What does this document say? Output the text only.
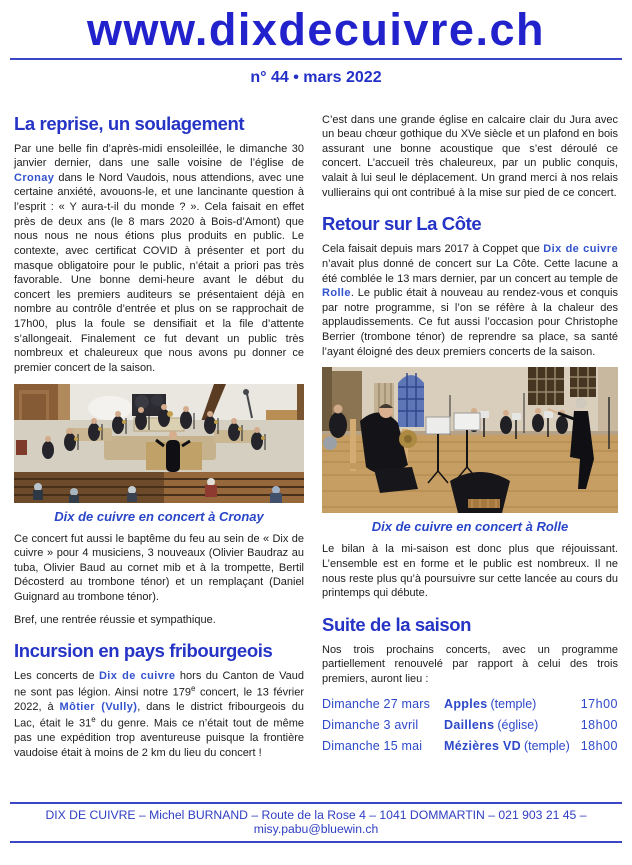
www.dixdecuivre.ch
n° 44 • mars 2022
La reprise, un soulagement

Par une belle fin d’après-midi ensoleillée, le dimanche 30 janvier dernier, dans une salle voisine de l’église de Cronay dans le Nord Vaudois, nous attendions, avec une certaine anxiété, avouons-le, et une lancinante question à l’esprit : « Y aura-t-il du monde ? ». Cela faisait en effet près de deux ans (le 8 mars 2020 à Bois-d’Amont) que nous nous ne nous étions plus produits en public. Le contexte, avec certificat COVID à présenter et port du masque obligatoire pour le public, n’était a priori pas très favorable. Une bonne demi-heure avant le début du concert les premiers auditeurs se présentaient déjà en nombre au contrôle d’entrée et plus on se rapprochait de 17h00, plus la foule se densifiait et la file d’attente s’allongeait. Finalement ce fut devant un public très nombreux et chaleureux que nous avons pu donner ce premier concert de la saison.

Dix de cuivre en concert à Cronay

Ce concert fut aussi le baptême du feu au sein de « Dix de cuivre » pour 4 musiciens, 3 nouveaux (Olivier Baudraz au tuba, Olivier Baud au cornet mib et à la trompette, Bertil Décosterd au trombone ténor) et un remplaçant (Daniel Guignard au trombone ténor).

Bref, une rentrée réussie et sympathique.

Incursion en pays fribourgeois

Les concerts de Dix de cuivre hors du Canton de Vaud ne sont pas légion. Ainsi notre 179e concert, le 13 février 2022, à Môtier (Vully), dans le district fribourgeois du Lac, était le 31e du genre. Mais ce n’était tout de même pas une expédition trop aventureuse puisque la frontière vaudoise était à moins de 2 km du lieu du concert !

C’est dans une grande église en calcaire clair du Jura avec un beau chœur gothique du XVe siècle et un plafond en bois assurant une bonne acoustique que s’est déroulé ce concert. L’accueil très chaleureux, par un public conquis, valait à lui seul le déplacement. Un grand merci à nos relais vullierains qui ont contribué à la mise sur pied de ce concert.

Retour sur La Côte

Cela faisait depuis mars 2017 à Coppet que Dix de cuivre n’avait plus donné de concert sur La Côte. Cette lacune a été comblée le 13 mars dernier, par un concert au temple de Rolle. Le public était à nouveau au rendez-vous et conquis par notre programme, si l’on se réfère à la chaleur des applaudissements. Ce fut aussi l’occasion pour Christophe Berrier (trombone ténor) de reprendre sa place, sa santé l’ayant éloigné des deux premiers concerts de la saison.

Dix de cuivre en concert à Rolle

Le bilan à la mi-saison est donc plus que réjouissant. L’ensemble est en forme et le public est nombreux. Il ne nous reste plus qu’à poursuivre sur cette lancée au cours du printemps qui débute.

Suite de la saison

Nos trois prochains concerts, avec un programme partiellement renouvelé par rapport à celui des trois premiers, auront lieu :

Dimanche 27 mars	Apples (temple)	17h00
Dimanche 3 avril	Daillens (église)	18h00
Dimanche 15 mai	Mézières VD (temple) 18h00
DIX DE CUIVRE – Michel BURNAND – Route de la Rose 4 – 1041 DOMMARTIN – 021 903 21 45 – misy.pabu@bluewin.ch
